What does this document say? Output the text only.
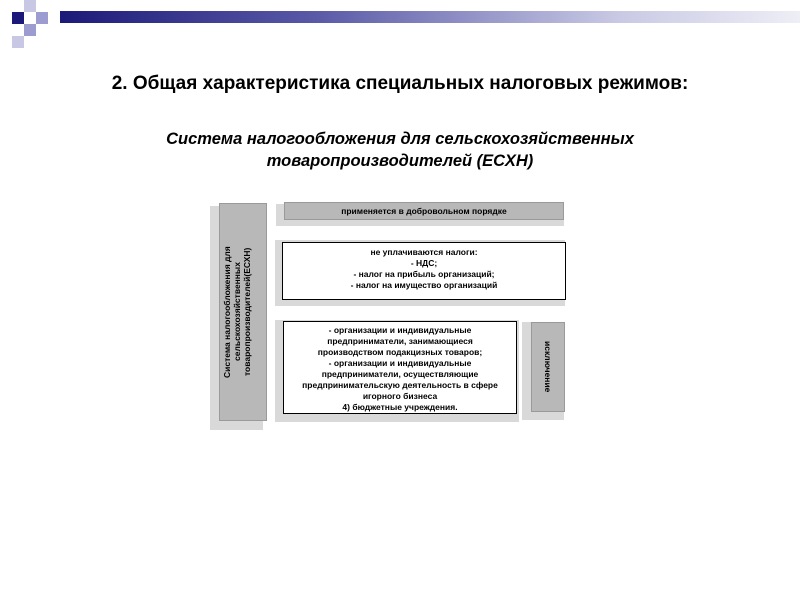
2. Общая характеристика специальных налоговых режимов:
Система налогообложения для сельскохозяйственных
товаропроизводителей (ЕСХН)
Система налогообложения для сельскохозяйственных товаропроизводителей(ЕСХН)
применяется в добровольном порядке
не уплачиваются налоги:
- НДС;
- налог на прибыль организаций;
- налог на имущество организаций
- организации и индивидуальные
предприниматели, занимающиеся
производством подакцизных товаров;
- организации и индивидуальные
предприниматели, осуществляющие
предпринимательскую деятельность в сфере
игорного бизнеса
4) бюджетные учреждения.
исключение
